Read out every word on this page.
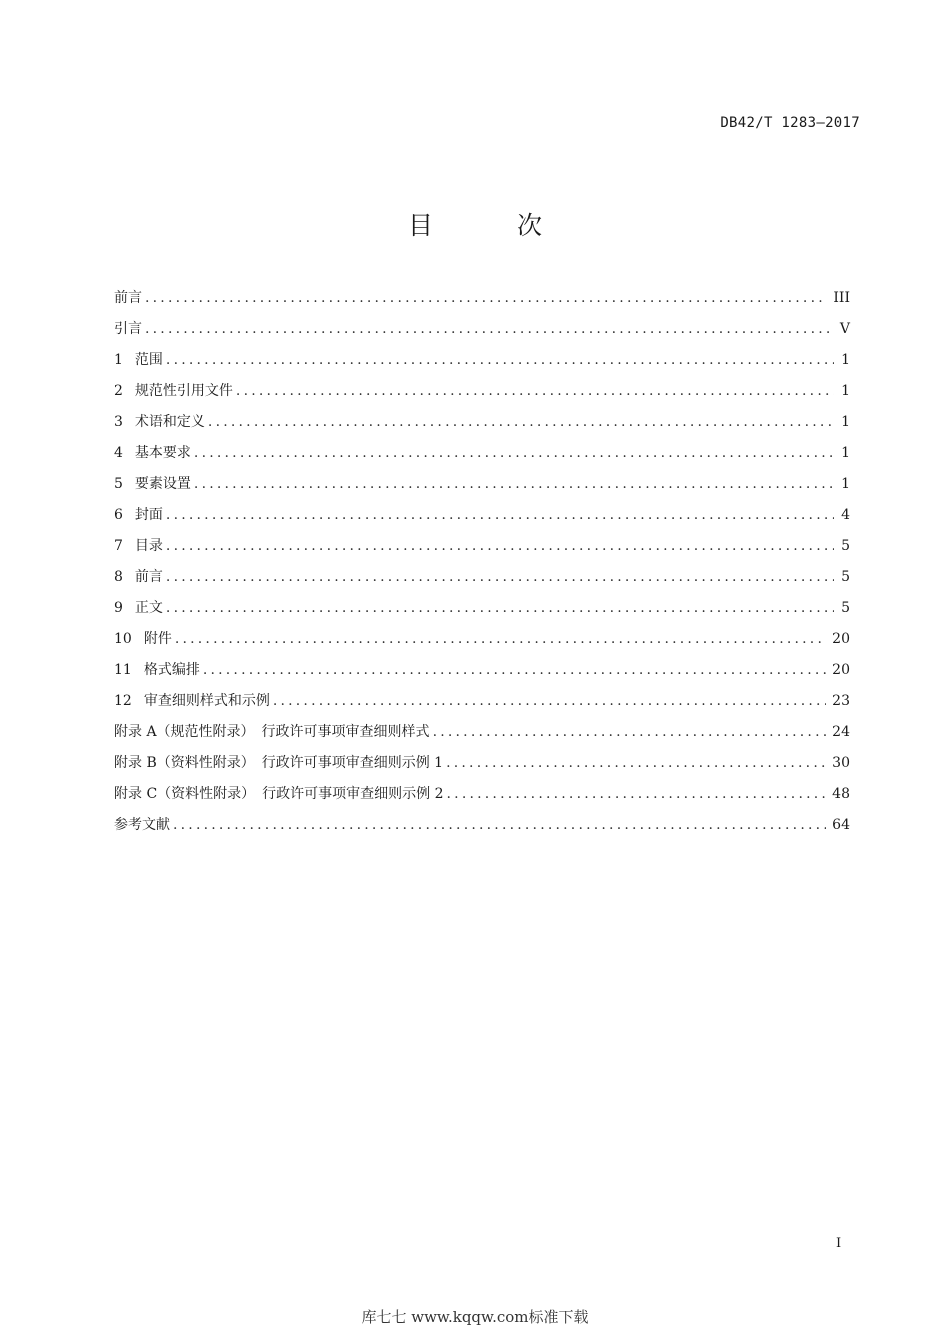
DB42/T 1283—2017
目 次
前言 .....	III
引言 .....	V
1 范围 .....	1
2 规范性引用文件 .....	1
3 术语和定义 .....	1
4 基本要求 .....	1
5 要素设置 .....	1
6 封面 .....	4
7 目录 .....	5
8 前言 .....	5
9 正文 .....	5
10 附件 .....	20
11 格式编排 .....	20
12 审查细则样式和示例 .....	23
附录 A（规范性附录）　行政许可事项审查细则样式 .....	24
附录 B（资料性附录）　行政许可事项审查细则示例 1 .....	30
附录 C（资料性附录）　行政许可事项审查细则示例 2 .....	48
参考文献 .....	64
I
库七七 www.kqqw.com标准下载
